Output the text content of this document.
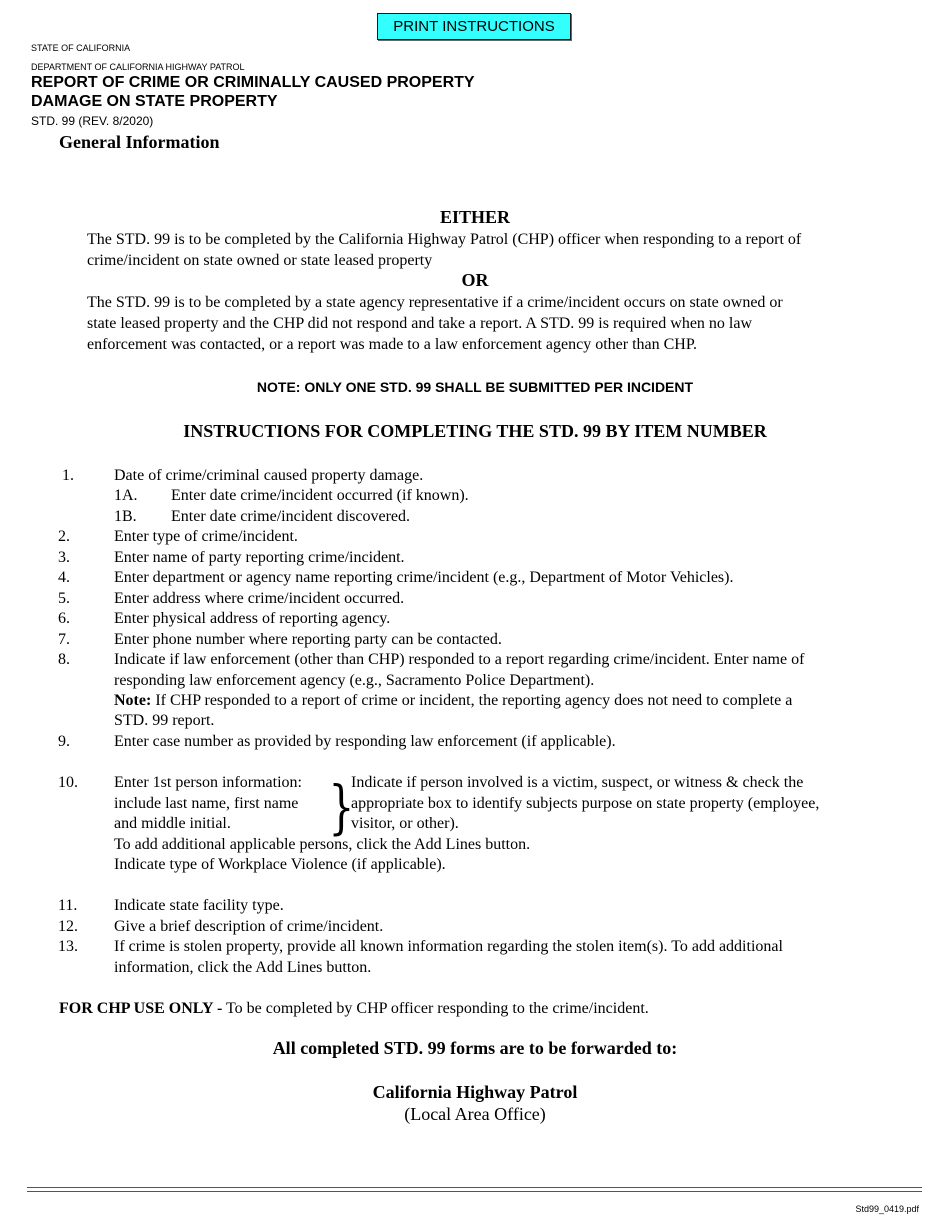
PRINT INSTRUCTIONS
STATE OF CALIFORNIA
DEPARTMENT OF CALIFORNIA HIGHWAY PATROL
REPORT OF CRIME OR CRIMINALLY CAUSED PROPERTY
DAMAGE ON STATE PROPERTY
STD. 99 (REV. 8/2020)
General Information
EITHER
The STD. 99 is to be completed by the California Highway Patrol (CHP) officer when responding to a report of
crime/incident on state owned or state leased property
OR
The STD. 99 is to be completed by a state agency representative if a crime/incident occurs on state owned or
state leased property and the CHP did not respond and take a report. A STD. 99 is required when no law
enforcement was contacted, or a report was made to a law enforcement agency other than CHP.
NOTE: ONLY ONE STD. 99 SHALL BE SUBMITTED PER INCIDENT
INSTRUCTIONS FOR COMPLETING THE STD. 99 BY ITEM NUMBER
1.	Date of crime/criminal caused property damage.
1A. Enter date crime/incident occurred (if known).
1B. Enter date crime/incident discovered.
2.	Enter type of crime/incident.
3.	Enter name of party reporting crime/incident.
4.	Enter department or agency name reporting crime/incident (e.g., Department of Motor Vehicles).
5.	Enter address where crime/incident occurred.
6.	Enter physical address of reporting agency.
7.	Enter phone number where reporting party can be contacted.
8.	Indicate if law enforcement (other than CHP) responded to a report regarding crime/incident. Enter name of
responding law enforcement agency (e.g., Sacramento Police Department).
Note: If CHP responded to a report of crime or incident, the reporting agency does not need to complete a
STD. 99 report.
9.	Enter case number as provided by responding law enforcement (if applicable).
10.	Enter 1st person information:
include last name, first name
and middle initial. }
Indicate if person involved is a victim, suspect, or witness & check the
appropriate box to identify subjects purpose on state property (employee,
visitor, or other).
To add additional applicable persons, click the Add Lines button.
Indicate type of Workplace Violence (if applicable).
11.	Indicate state facility type.
12.	Give a brief description of crime/incident.
13.	If crime is stolen property, provide all known information regarding the stolen item(s). To add additional
information, click the Add Lines button.
FOR CHP USE ONLY - To be completed by CHP officer responding to the crime/incident.
All completed STD. 99 forms are to be forwarded to:
California Highway Patrol
(Local Area Office)
Std99_0419.pdf
